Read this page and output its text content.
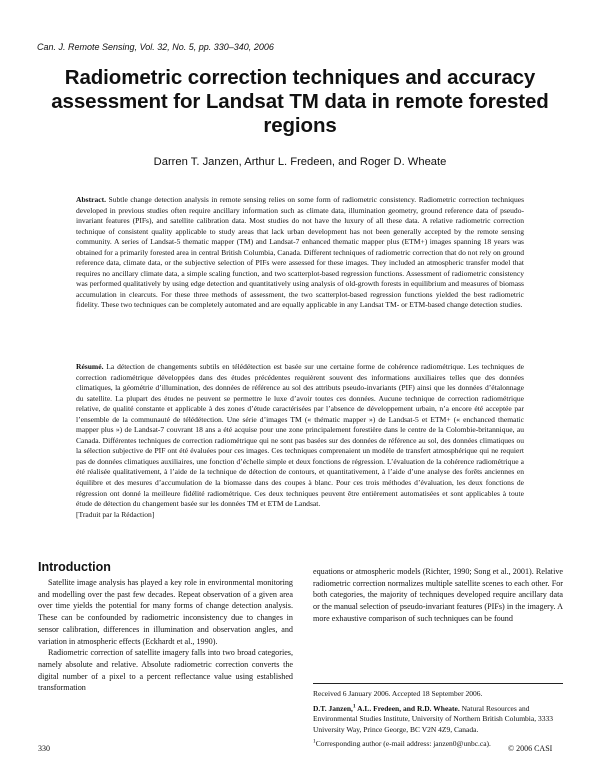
Can. J. Remote Sensing, Vol. 32, No. 5, pp. 330–340, 2006
Radiometric correction techniques and accuracy assessment for Landsat TM data in remote forested regions
Darren T. Janzen, Arthur L. Fredeen, and Roger D. Wheate
Abstract. Subtle change detection analysis in remote sensing relies on some form of radiometric consistency. Radiometric correction techniques developed in previous studies often require ancillary information such as climate data, illumination geometry, ground reference data of pseudo-invariant features (PIFs), and satellite calibration data. Most studies do not have the luxury of all these data. A relative radiometric correction technique of consistent quality applicable to study areas that lack urban development has not been generally accepted by the remote sensing community. A series of Landsat-5 thematic mapper (TM) and Landsat-7 enhanced thematic mapper plus (ETM+) images spanning 18 years was obtained for a primarily forested area in central British Columbia, Canada. Different techniques of radiometric correction that do not rely on ground reference data, climate data, or the subjective selection of PIFs were assessed for these images. They included an atmospheric transfer model that requires no ancillary climate data, a simple scaling function, and two scatterplot-based regression functions. Assessment of radiometric consistency was performed qualitatively by using edge detection and quantitatively using analysis of old-growth forests in equilibrium and measures of biomass accumulation in clearcuts. For these three methods of assessment, the two scatterplot-based regression functions yielded the best radiometric fidelity. These two techniques can be completely automated and are equally applicable in any Landsat TM- or ETM-based change detection studies.
Résumé. La détection de changements subtils en télédétection est basée sur une certaine forme de cohérence radiométrique. Les techniques de correction radiométrique développées dans des études précédentes requièrent souvent des informations auxiliaires telles que des données climatiques, la géométrie d’illumination, des données de référence au sol des attributs pseudo-invariants (PIF) ainsi que les données d’étalonnage du satellite. La plupart des études ne peuvent se permettre le luxe d’avoir toutes ces données. Aucune technique de correction radiométrique relative, de qualité constante et applicable à des zones d’étude caractérisées par l’absence de développement urbain, n’a encore été acceptée par l’ensemble de la communauté de télédétection. Une série d’images TM (« thématic mapper ») de Landsat-5 et ETM+ (« enchanced thematic mapper plus ») de Landsat-7 couvrant 18 ans a été acquise pour une zone principalement forestière dans le centre de la Colombie-britannique, au Canada. Différentes techniques de correction radiométrique qui ne sont pas basées sur des données de référence au sol, des données climatiques ou la sélection subjective de PIF ont été évaluées pour ces images. Ces techniques comprenaient un modèle de transfert atmosphérique qui ne requiert pas de données climatiques auxiliaires, une fonction d’échelle simple et deux fonctions de régression. L’évaluation de la cohérence radiométrique a été réalisée qualitativement, à l’aide de la technique de détection de contours, et quantitativement, à l’aide d’une analyse des forêts anciennes en équilibre et des mesures d’accumulation de la biomasse dans des coupes à blanc. Pour ces trois méthodes d’évaluation, les deux fonctions de régression ont donné la meilleure fidélité radiométrique. Ces deux techniques peuvent être entièrement automatisées et sont applicables à toute étude de détection du changement basée sur les données TM et ETM de Landsat.
[Traduit par la Rédaction]
Introduction

Satellite image analysis has played a key role in environmental monitoring and modelling over the past few decades. Repeat observation of a given area over time yields the potential for many forms of change detection analysis. These can be confounded by radiometric inconsistency due to changes in sensor calibration, differences in illumination and observation angles, and variation in atmospheric effects (Eckhardt et al., 1990).

Radiometric correction of satellite imagery falls into two broad categories, namely absolute and relative. Absolute radiometric correction converts the digital number of a pixel to a percent reflectance value using established transformation

equations or atmospheric models (Richter, 1990; Song et al., 2001). Relative radiometric correction normalizes multiple satellite scenes to each other. For both categories, the majority of techniques developed require ancillary data or the manual selection of pseudo-invariant features (PIFs) in the imagery. A more exhaustive comparison of such techniques can be found

Received 6 January 2006. Accepted 18 September 2006.

D.T. Janzen,$^1$ A.L. Fredeen, and R.D. Wheate. Natural Resources and Environmental Studies Institute, University of Northern British Columbia, 3333 University Way, Prince George, BC V2N 4Z9, Canada.

$^1$Corresponding author (e-mail address: janzen0@unbc.ca).

330	© 2006 CASI
